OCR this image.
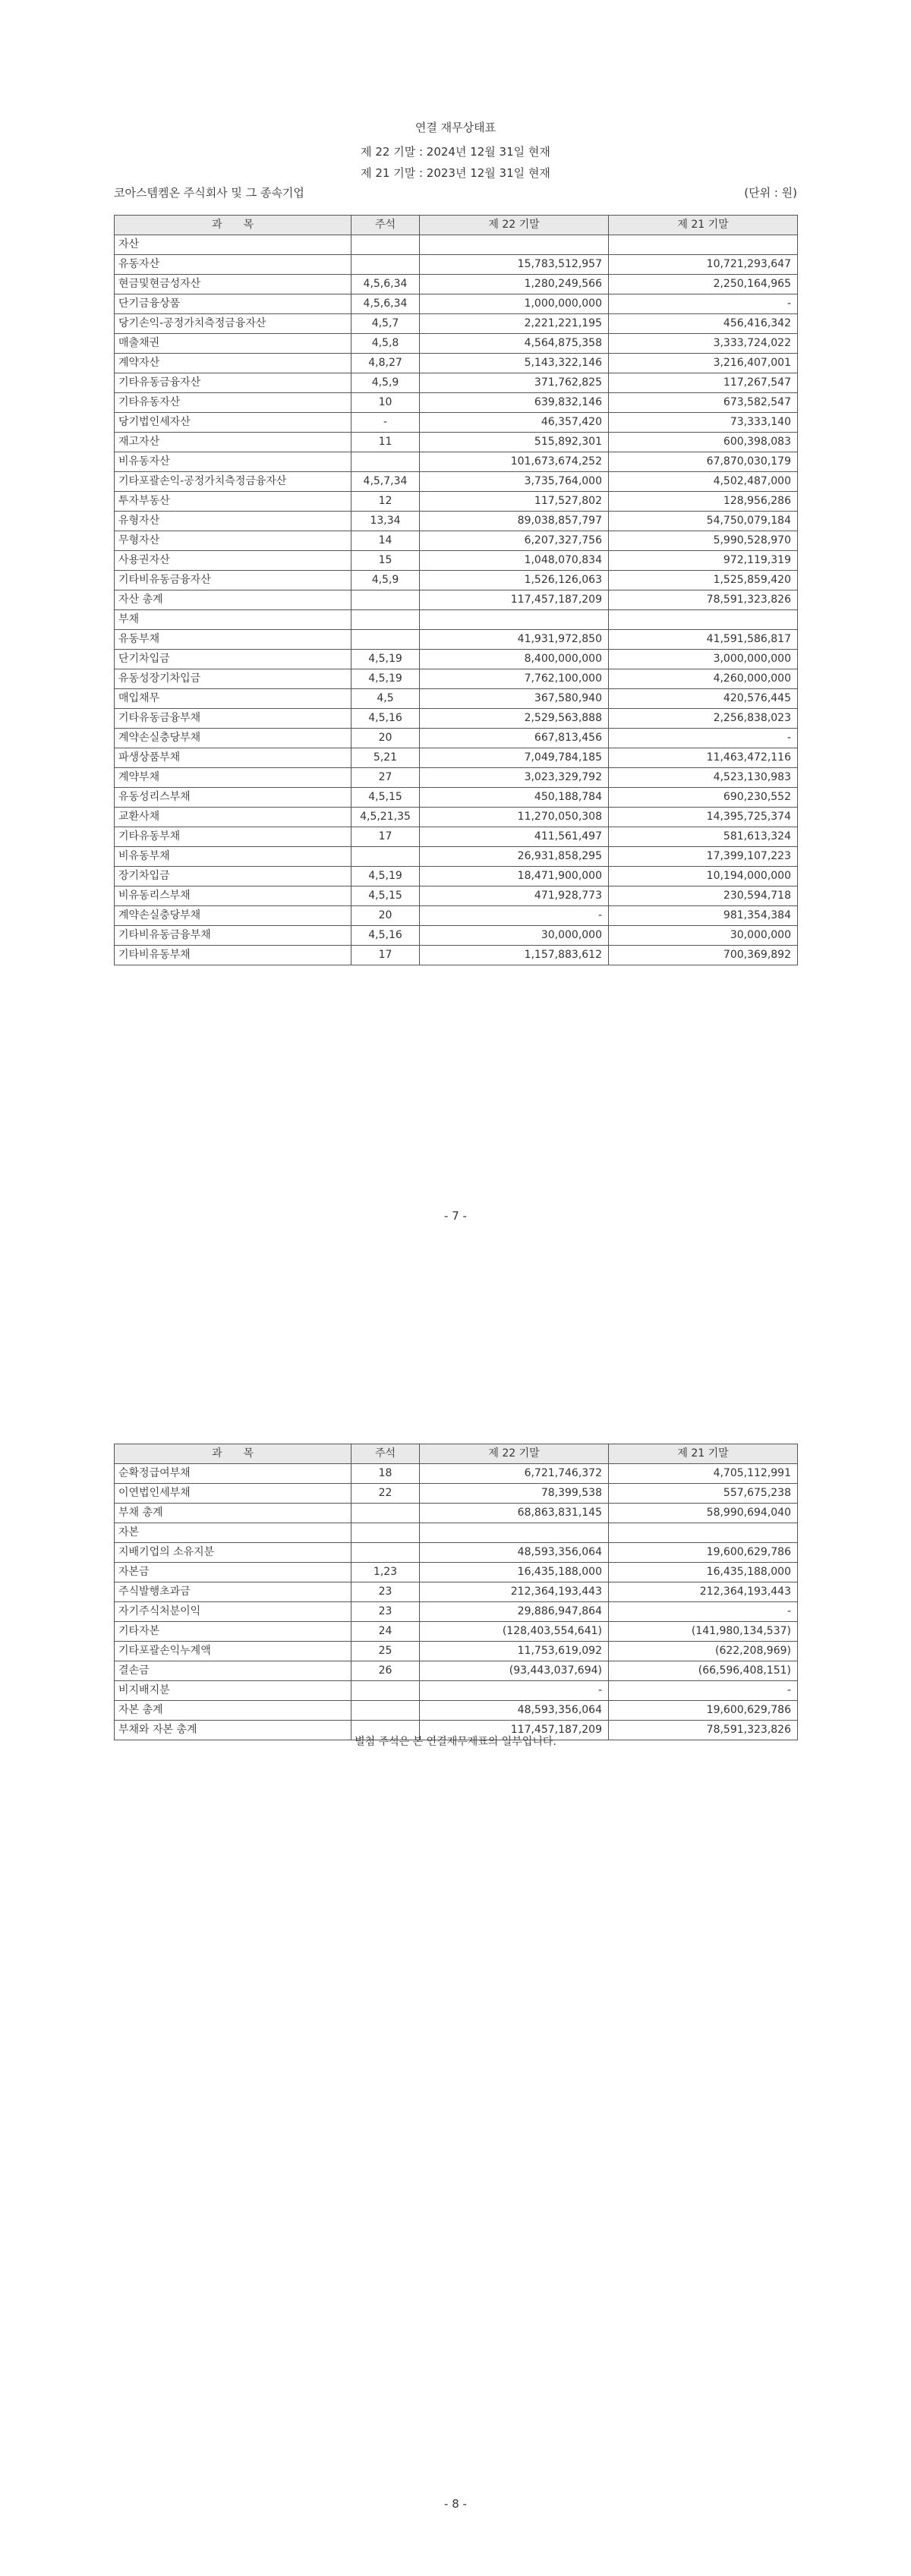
연결 재무상태표
제 22 기말 : 2024년 12월 31일 현재
제 21 기말 : 2023년 12월 31일 현재
코아스템켐온 주식회사 및 그 종속기업	(단위 : 원)
과　　목	주석	제 22 기말	제 21 기말
자산			
유동자산		15,783,512,957	10,721,293,647
현금및현금성자산	4,5,6,34	1,280,249,566	2,250,164,965
단기금융상품	4,5,6,34	1,000,000,000	-
당기손익-공정가치측정금융자산	4,5,7	2,221,221,195	456,416,342
매출채권	4,5,8	4,564,875,358	3,333,724,022
계약자산	4,8,27	5,143,322,146	3,216,407,001
기타유동금융자산	4,5,9	371,762,825	117,267,547
기타유동자산	10	639,832,146	673,582,547
당기법인세자산	-	46,357,420	73,333,140
재고자산	11	515,892,301	600,398,083
비유동자산		101,673,674,252	67,870,030,179
기타포괄손익-공정가치측정금융자산	4,5,7,34	3,735,764,000	4,502,487,000
투자부동산	12	117,527,802	128,956,286
유형자산	13,34	89,038,857,797	54,750,079,184
무형자산	14	6,207,327,756	5,990,528,970
사용권자산	15	1,048,070,834	972,119,319
기타비유동금융자산	4,5,9	1,526,126,063	1,525,859,420
자산 총계		117,457,187,209	78,591,323,826
부채			
유동부채		41,931,972,850	41,591,586,817
단기차입금	4,5,19	8,400,000,000	3,000,000,000
유동성장기차입금	4,5,19	7,762,100,000	4,260,000,000
매입채무	4,5	367,580,940	420,576,445
기타유동금융부채	4,5,16	2,529,563,888	2,256,838,023
계약손실충당부채	20	667,813,456	-
파생상품부채	5,21	7,049,784,185	11,463,472,116
계약부채	27	3,023,329,792	4,523,130,983
유동성리스부채	4,5,15	450,188,784	690,230,552
교환사채	4,5,21,35	11,270,050,308	14,395,725,374
기타유동부채	17	411,561,497	581,613,324
비유동부채		26,931,858,295	17,399,107,223
장기차입금	4,5,19	18,471,900,000	10,194,000,000
비유동리스부채	4,5,15	471,928,773	230,594,718
계약손실충당부채	20	-	981,354,384
기타비유동금융부채	4,5,16	30,000,000	30,000,000
기타비유동부채	17	1,157,883,612	700,369,892
- 7 -
과　　목	주석	제 22 기말	제 21 기말
순확정급여부채	18	6,721,746,372	4,705,112,991
이연법인세부채	22	78,399,538	557,675,238
부채 총계		68,863,831,145	58,990,694,040
자본			
지배기업의 소유지분		48,593,356,064	19,600,629,786
자본금	1,23	16,435,188,000	16,435,188,000
주식발행초과금	23	212,364,193,443	212,364,193,443
자기주식처분이익	23	29,886,947,864	-
기타자본	24	(128,403,554,641)	(141,980,134,537)
기타포괄손익누계액	25	11,753,619,092	(622,208,969)
결손금	26	(93,443,037,694)	(66,596,408,151)
비지배지분		-	-
자본 총계		48,593,356,064	19,600,629,786
부채와 자본 총계		117,457,187,209	78,591,323,826
별첨 주석은 본 연결재무제표의 일부입니다.
- 8 -
